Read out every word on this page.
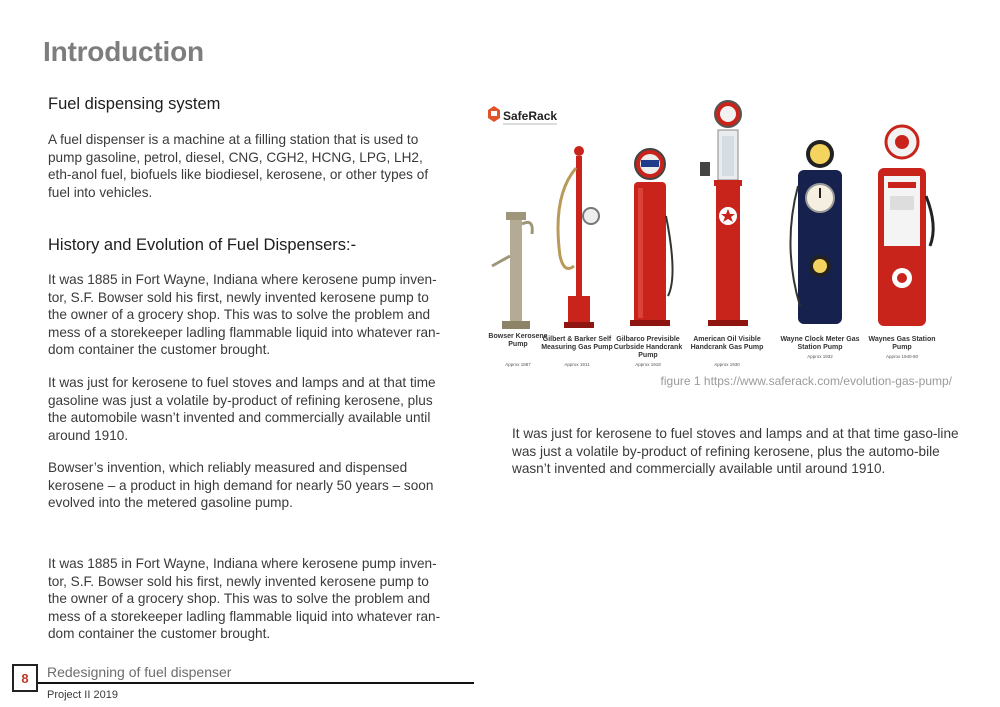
Introduction
Fuel dispensing system

A fuel dispenser is a machine at a filling station that is used to pump gasoline, petrol, diesel, CNG, CGH2, HCNG, LPG, LH2, eth-anol fuel, biofuels like biodiesel, kerosene, or other types of fuel into vehicles.

History and Evolution of Fuel Dispensers:-

It was 1885 in Fort Wayne, Indiana where kerosene pump inven-tor, S.F. Bowser sold his first, newly invented kerosene pump to the owner of a grocery shop. This was to solve the problem and mess of a storekeeper ladling flammable liquid into whatever ran-dom container the customer brought.

It was just for kerosene to fuel stoves and lamps and at that time gasoline was just a volatile by-product of refining kerosene, plus the automobile wasn’t invented and commercially available until around 1910.

Bowser’s invention, which reliably measured and dispensed kerosene – a product in high demand for nearly 50 years – soon evolved into the metered gasoline pump.

It was 1885 in Fort Wayne, Indiana where kerosene pump inven-tor, S.F. Bowser sold his first, newly invented kerosene pump to the owner of a grocery shop. This was to solve the problem and mess of a storekeeper ladling flammable liquid into whatever ran-dom container the customer brought.

It was just for kerosene to fuel stoves and lamps and at that time gaso-line was just a volatile by-product of refining kerosene, plus the automo-bile wasn’t invented and commercially available until around 1910.

SafeRack
Bowser Kerosene Pump
Approx 1887
Gilbert & Barker Self Measuring Gas Pump
Approx 1911
Gilbarco Previsible Curbside Handcrank Pump
Approx 1918
American Oil Visible Handcrank Gas Pump
Approx 1930
Wayne Clock Meter Gas Station Pump
Approx 1932
Waynes Gas Station Pump
Approx 1940-50
figure 1 https://www.saferack.com/evolution-gas-pump/
Redesigning of fuel dispenser
8
Project II 2019
